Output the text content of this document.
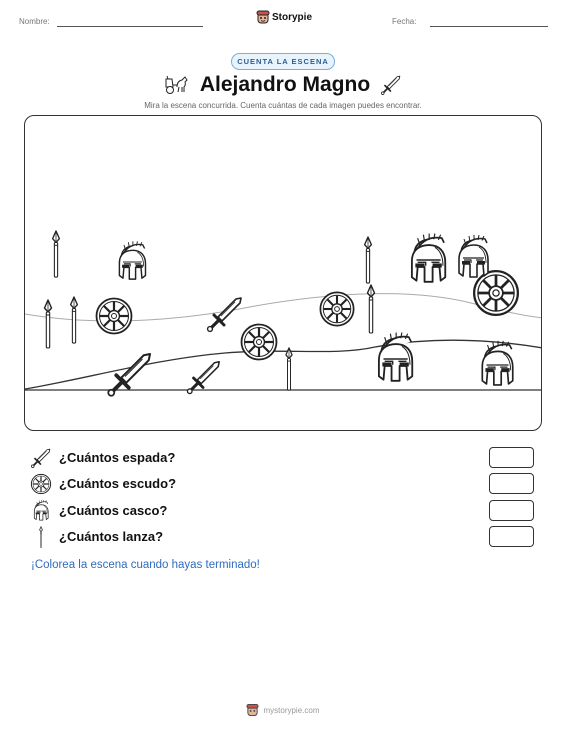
Nombre:	Storypie	Fecha:
CUENTA LA ESCENA
Alejandro Magno
Mira la escena concurrida. Cuenta cuántas de cada imagen puedes encontrar.
¿Cuántos espada?
¿Cuántos escudo?
¿Cuántos casco?
¿Cuántos lanza?
¡Colorea la escena cuando hayas terminado!
mystorypie.com
